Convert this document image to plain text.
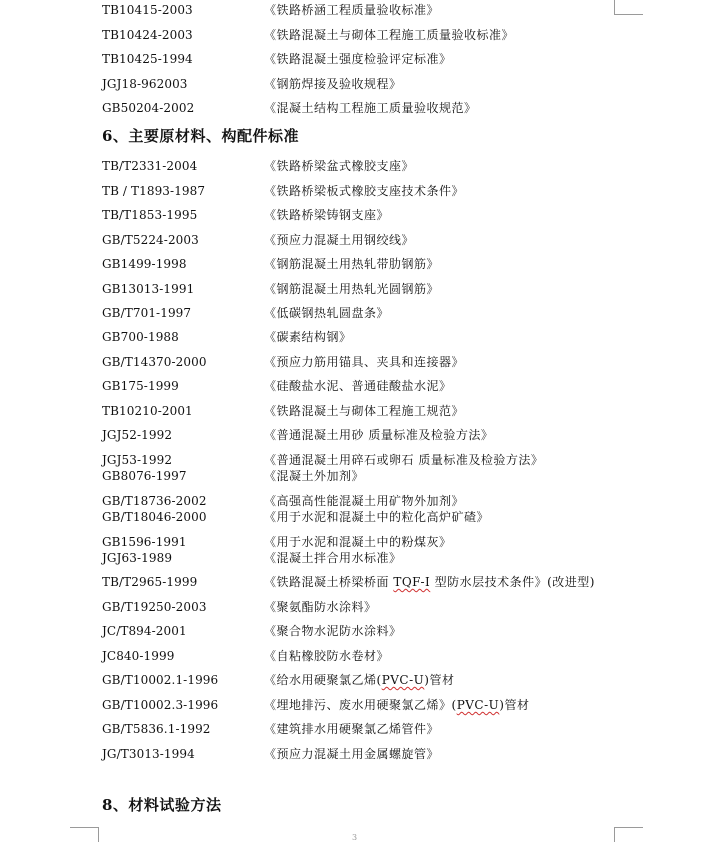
TB10415-2003	《铁路桥涵工程质量验收标准》
TB10424-2003	《铁路混凝土与砌体工程施工质量验收标准》
TB10425-1994	《铁路混凝土强度检验评定标准》
JGJ18-962003	《钢筋焊接及验收规程》
GB50204-2002	《混凝土结构工程施工质量验收规范》
6、主要原材料、构配件标准
TB/T2331-2004	《铁路桥梁盆式橡胶支座》
TB / T1893-1987	《铁路桥梁板式橡胶支座技术条件》
TB/T1853-1995	《铁路桥梁铸钢支座》
GB/T5224-2003	《预应力混凝土用钢绞线》
GB1499-1998	《钢筋混凝土用热轧带肋钢筋》
GB13013-1991	《钢筋混凝土用热轧光圆钢筋》
GB/T701-1997	《低碳钢热轧圆盘条》
GB700-1988	《碳素结构钢》
GB/T14370-2000	《预应力筋用锚具、夹具和连接器》
GB175-1999	《硅酸盐水泥、普通硅酸盐水泥》
TB10210-2001	《铁路混凝土与砌体工程施工规范》
JGJ52-1992	《普通混凝土用砂 质量标准及检验方法》
JGJ53-1992	《普通混凝土用碎石或卵石 质量标准及检验方法》
GB8076-1997	《混凝土外加剂》
GB/T18736-2002	《高强高性能混凝土用矿物外加剂》
GB/T18046-2000	《用于水泥和混凝土中的粒化高炉矿碴》
GB1596-1991	《用于水泥和混凝土中的粉煤灰》
JGJ63-1989	《混凝土拌合用水标准》
TB/T2965-1999	《铁路混凝土桥梁桥面 TQF-I 型防水层技术条件》(改进型)
GB/T19250-2003	《聚氨酯防水涂料》
JC/T894-2001	《聚合物水泥防水涂料》
JC840-1999	《自粘橡胶防水卷材》
GB/T10002.1-1996	《给水用硬聚氯乙烯(PVC-U)管材
GB/T10002.3-1996	《埋地排污、废水用硬聚氯乙烯》(PVC-U)管材
GB/T5836.1-1992	《建筑排水用硬聚氯乙烯管件》
JG/T3013-1994	《预应力混凝土用金属螺旋管》
8、材料试验方法
3
